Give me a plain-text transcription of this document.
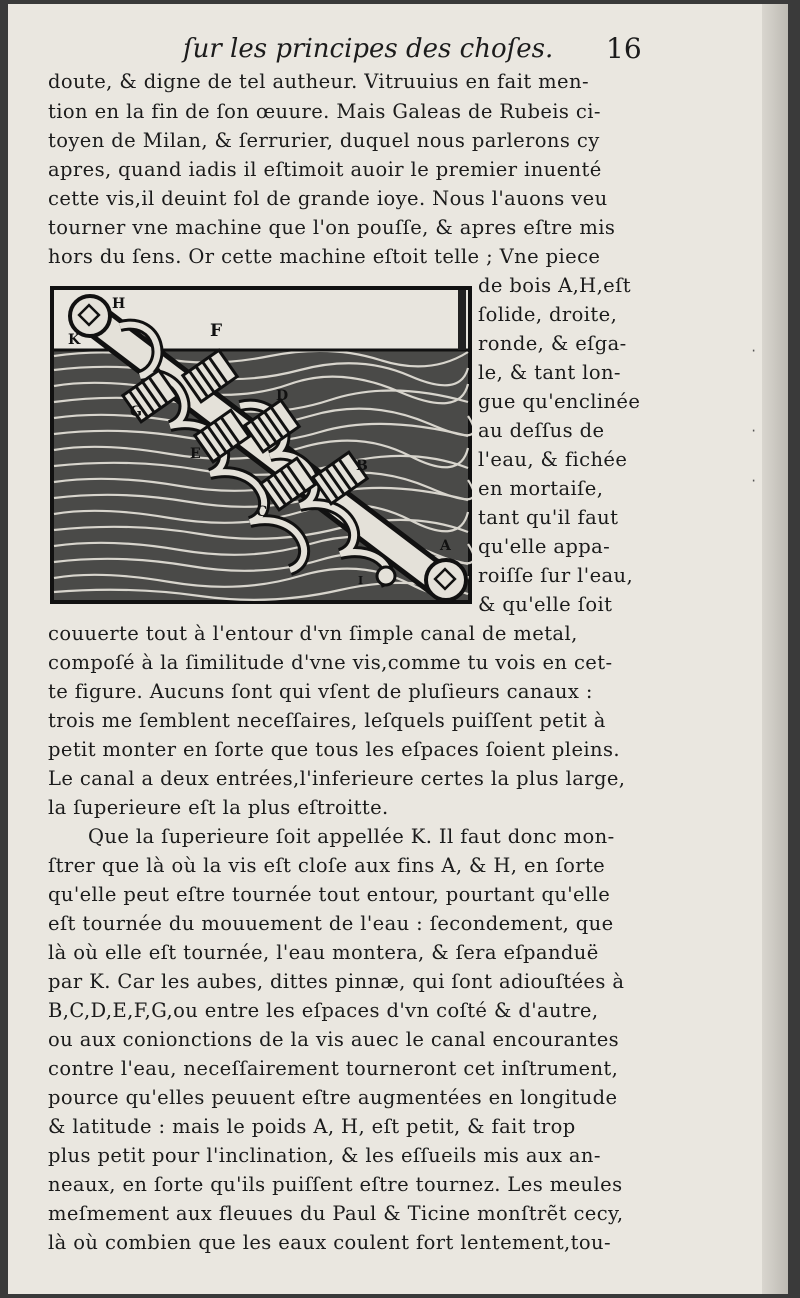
ſur les principes des choſes. 16
doute, & digne de tel autheur. Vitruuius en fait men-
tion en la fin de ſon œuure. Mais Galeas de Rubeis ci-
toyen de Milan, & ſerrurier, duquel nous parlerons cy
apres, quand iadis il eſtimoit auoir le premier inuenté
cette vis,il deuint fol de grande ioye. Nous l'auons veu
tourner vne machine que l'on pouſſe, & apres eſtre mis
hors du ſens. Or cette machine eſtoit telle ; Vne piece
de bois A,H,eſt
ſolide, droite,
ronde, & eſga-
le, & tant lon-
gue qu'enclinée
au deſſus de
l'eau, & fichée
en mortaiſe,
tant qu'il faut
qu'elle appa-
roiſſe ſur l'eau,
& qu'elle ſoit
couuerte tout à l'entour d'vn ſimple canal de metal,
compoſé à la ſimilitude d'vne vis,comme tu vois en cet-
te figure. Aucuns ſont qui vſent de pluſieurs canaux :
trois me ſemblent neceſſaires, leſquels puiſſent petit à
petit monter en ſorte que tous les eſpaces ſoient pleins.
Le canal a deux entrées,l'inferieure certes la plus large,
la ſuperieure eſt la plus eſtroitte.
Que la ſuperieure ſoit appellée K. Il faut donc mon-
ſtrer que là où la vis eſt cloſe aux fins A, & H, en ſorte
qu'elle peut eſtre tournée tout entour, pourtant qu'elle
eſt tournée du mouuement de l'eau : ſecondement, que
là où elle eſt tournée, l'eau montera, & ſera eſpanduë
par K. Car les aubes, dittes pinnæ, qui ſont adiouſtées à
B,C,D,E,F,G,ou entre les eſpaces d'vn coſté & d'autre,
ou aux conionctions de la vis auec le canal encourantes
contre l'eau, neceſſairement tourneront cet inſtrument,
pource qu'elles peuuent eſtre augmentées en longitude
& latitude : mais le poids A, H, eſt petit, & fait trop
plus petit pour l'inclination, & les eſſueils mis aux an-
neaux, en ſorte qu'ils puiſſent eſtre tournez. Les meules
meſmement aux fleuues du Paul & Ticine monſtrẽt cecy,
là où combien que les eaux coulent fort lentement,tou-
H
K	F
G
D
E
B
C
A
I
·
·
·
